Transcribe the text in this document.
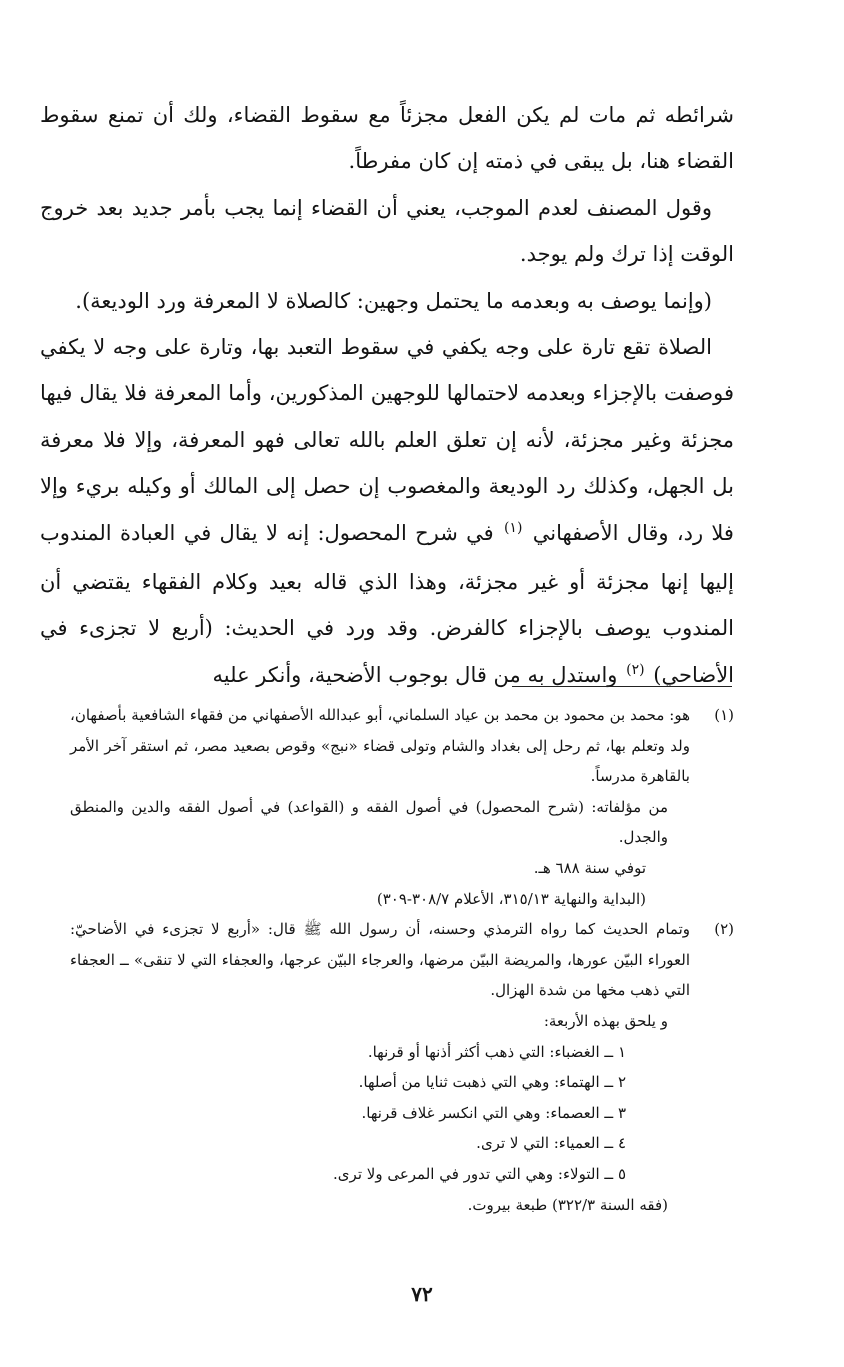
شرائطه ثم مات لم يكن الفعل مجزئاً مع سقوط القضاء، ولك أن تمنع سقوط القضاء هنا، بل يبقى في ذمته إن كان مفرطاً.

وقول المصنف لعدم الموجب، يعني أن القضاء إنما يجب بأمر جديد بعد خروج الوقت إذا ترك ولم يوجد.

(وإنما يوصف به وبعدمه ما يحتمل وجهين: كالصلاة لا المعرفة ورد الوديعة).

الصلاة تقع تارة على وجه يكفي في سقوط التعبد بها، وتارة على وجه لا يكفي فوصفت بالإجزاء وبعدمه لاحتمالها للوجهين المذكورين، وأما المعرفة فلا يقال فيها مجزئة وغير مجزئة، لأنه إن تعلق العلم بالله تعالى فهو المعرفة، وإلا فلا معرفة بل الجهل، وكذلك رد الوديعة والمغصوب إن حصل إلى المالك أو وكيله بريء وإلا فلا رد، وقال الأصفهاني $^{(١)}$ في شرح المحصول: إنه لا يقال في العبادة المندوب إليها إنها مجزئة أو غير مجزئة، وهذا الذي قاله بعيد وكلام الفقهاء يقتضي أن المندوب يوصف بالإجزاء كالفرض. وقد ورد في الحديث: (أربع لا تجزىء في الأضاحي) $^{(٢)}$ واستدل به من قال بوجوب الأضحية، وأنكر عليه

(١)

هو: محمد بن محمود بن محمد بن عياد السلماني، أبو عبدالله الأصفهاني من فقهاء الشافعية بأصفهان، ولد وتعلم بها، ثم رحل إلى بغداد والشام وتولى قضاء «نبج» وقوص بصعيد مصر، ثم استقر آخر الأمر بالقاهرة مدرساً.

من مؤلفاته: (شرح المحصول) في أصول الفقه و (القواعد) في أصول الفقه والدين والمنطق والجدل.

توفي سنة ٦٨٨ هـ.

(البداية والنهاية ٣١٥/١٣، الأعلام ٣٠٨/٧-٣٠٩)

(٢)

وتمام الحديث كما رواه الترمذي وحسنه، أن رسول الله ﷺ قال: «أربع لا تجزىء في الأضاحيّ: العوراء البيّن عورها، والمريضة البيّن مرضها، والعرجاء البيّن عرجها، والعجفاء التي لا تنقى» ــ العجفاء التي ذهب مخها من شدة الهزال.

و يلحق بهذه الأربعة:

١ ــ الغضباء: التي ذهب أكثر أذنها أو قرنها.
٢ ــ الهتماء: وهي التي ذهبت ثنايا من أصلها.
٣ ــ العصماء: وهي التي انكسر غلاف قرنها.
٤ ــ العمياء: التي لا ترى.
٥ ــ التولاء: وهي التي تدور في المرعى ولا ترى.

(فقه السنة ٣٢٢/٣) طبعة بيروت.

٧٢
